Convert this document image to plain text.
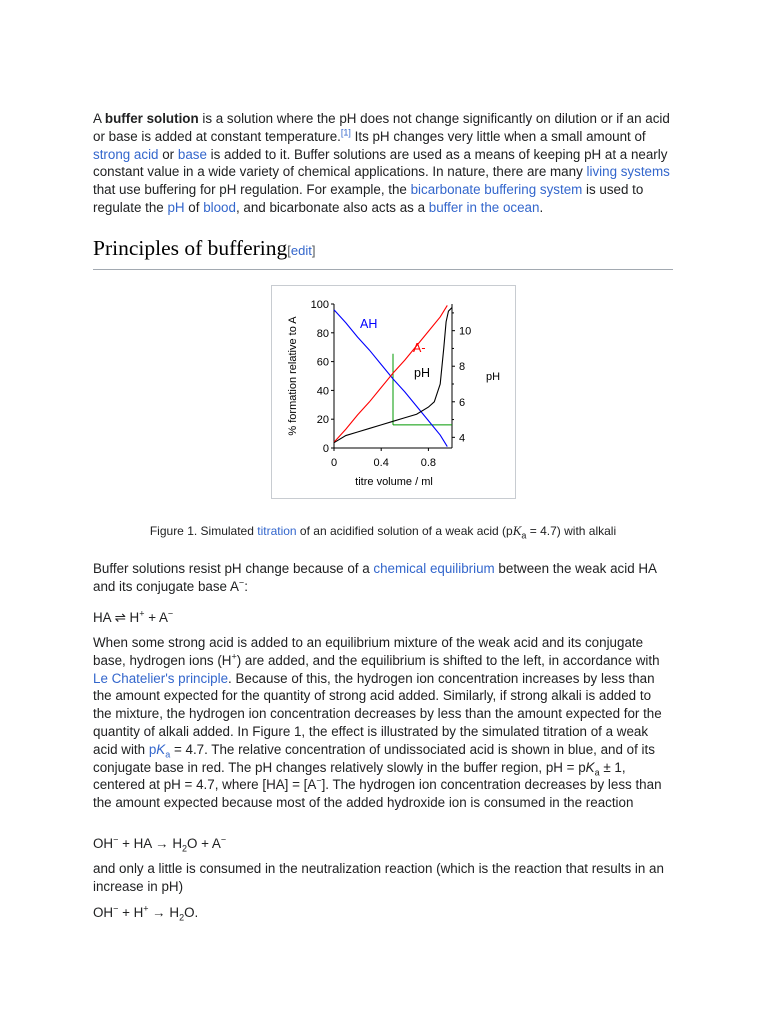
A buffer solution is a solution where the pH does not change significantly on dilution or if an acid or base is added at constant temperature.[1] Its pH changes very little when a small amount of strong acid or base is added to it. Buffer solutions are used as a means of keeping pH at a nearly constant value in a wide variety of chemical applications. In nature, there are many living systems that use buffering for pH regulation. For example, the bicarbonate buffering system is used to regulate the pH of blood, and bicarbonate also acts as a buffer in the ocean.

Principles of buffering[edit]
0
20
40
60
80
100
0	0.4	0.8
4
6
8
10
AH
A-
pH
titre volume / ml
% formation relative to A	pH
Figure 1. Simulated titration of an acidified solution of a weak acid $(pK_a = 4.7)$ with alkali

Buffer solutions resist pH change because of a chemical equilibrium between the weak acid HA and its conjugate base A−:

HA ⇌ H+ + A−

When some strong acid is added to an equilibrium mixture of the weak acid and its conjugate base, hydrogen ions (H+) are added, and the equilibrium is shifted to the left, in accordance with Le Chatelier's principle. Because of this, the hydrogen ion concentration increases by less than the amount expected for the quantity of strong acid added. Similarly, if strong alkali is added to the mixture, the hydrogen ion concentration decreases by less than the amount expected for the quantity of alkali added. In Figure 1, the effect is illustrated by the simulated titration of a weak acid with $pK_a = 4.7$. The relative concentration of undissociated acid is shown in blue, and of its conjugate base in red. The pH changes relatively slowly in the buffer region, pH = $pK_a \pm 1$, centered at pH = 4.7, where [HA] = [A−]. The hydrogen ion concentration decreases by less than the amount expected because most of the added hydroxide ion is consumed in the reaction

OH− + HA → $H_2O + A^-$

and only a little is consumed in the neutralization reaction (which is the reaction that results in an increase in pH)

$OH^- + H^+ \to H_2O$.
